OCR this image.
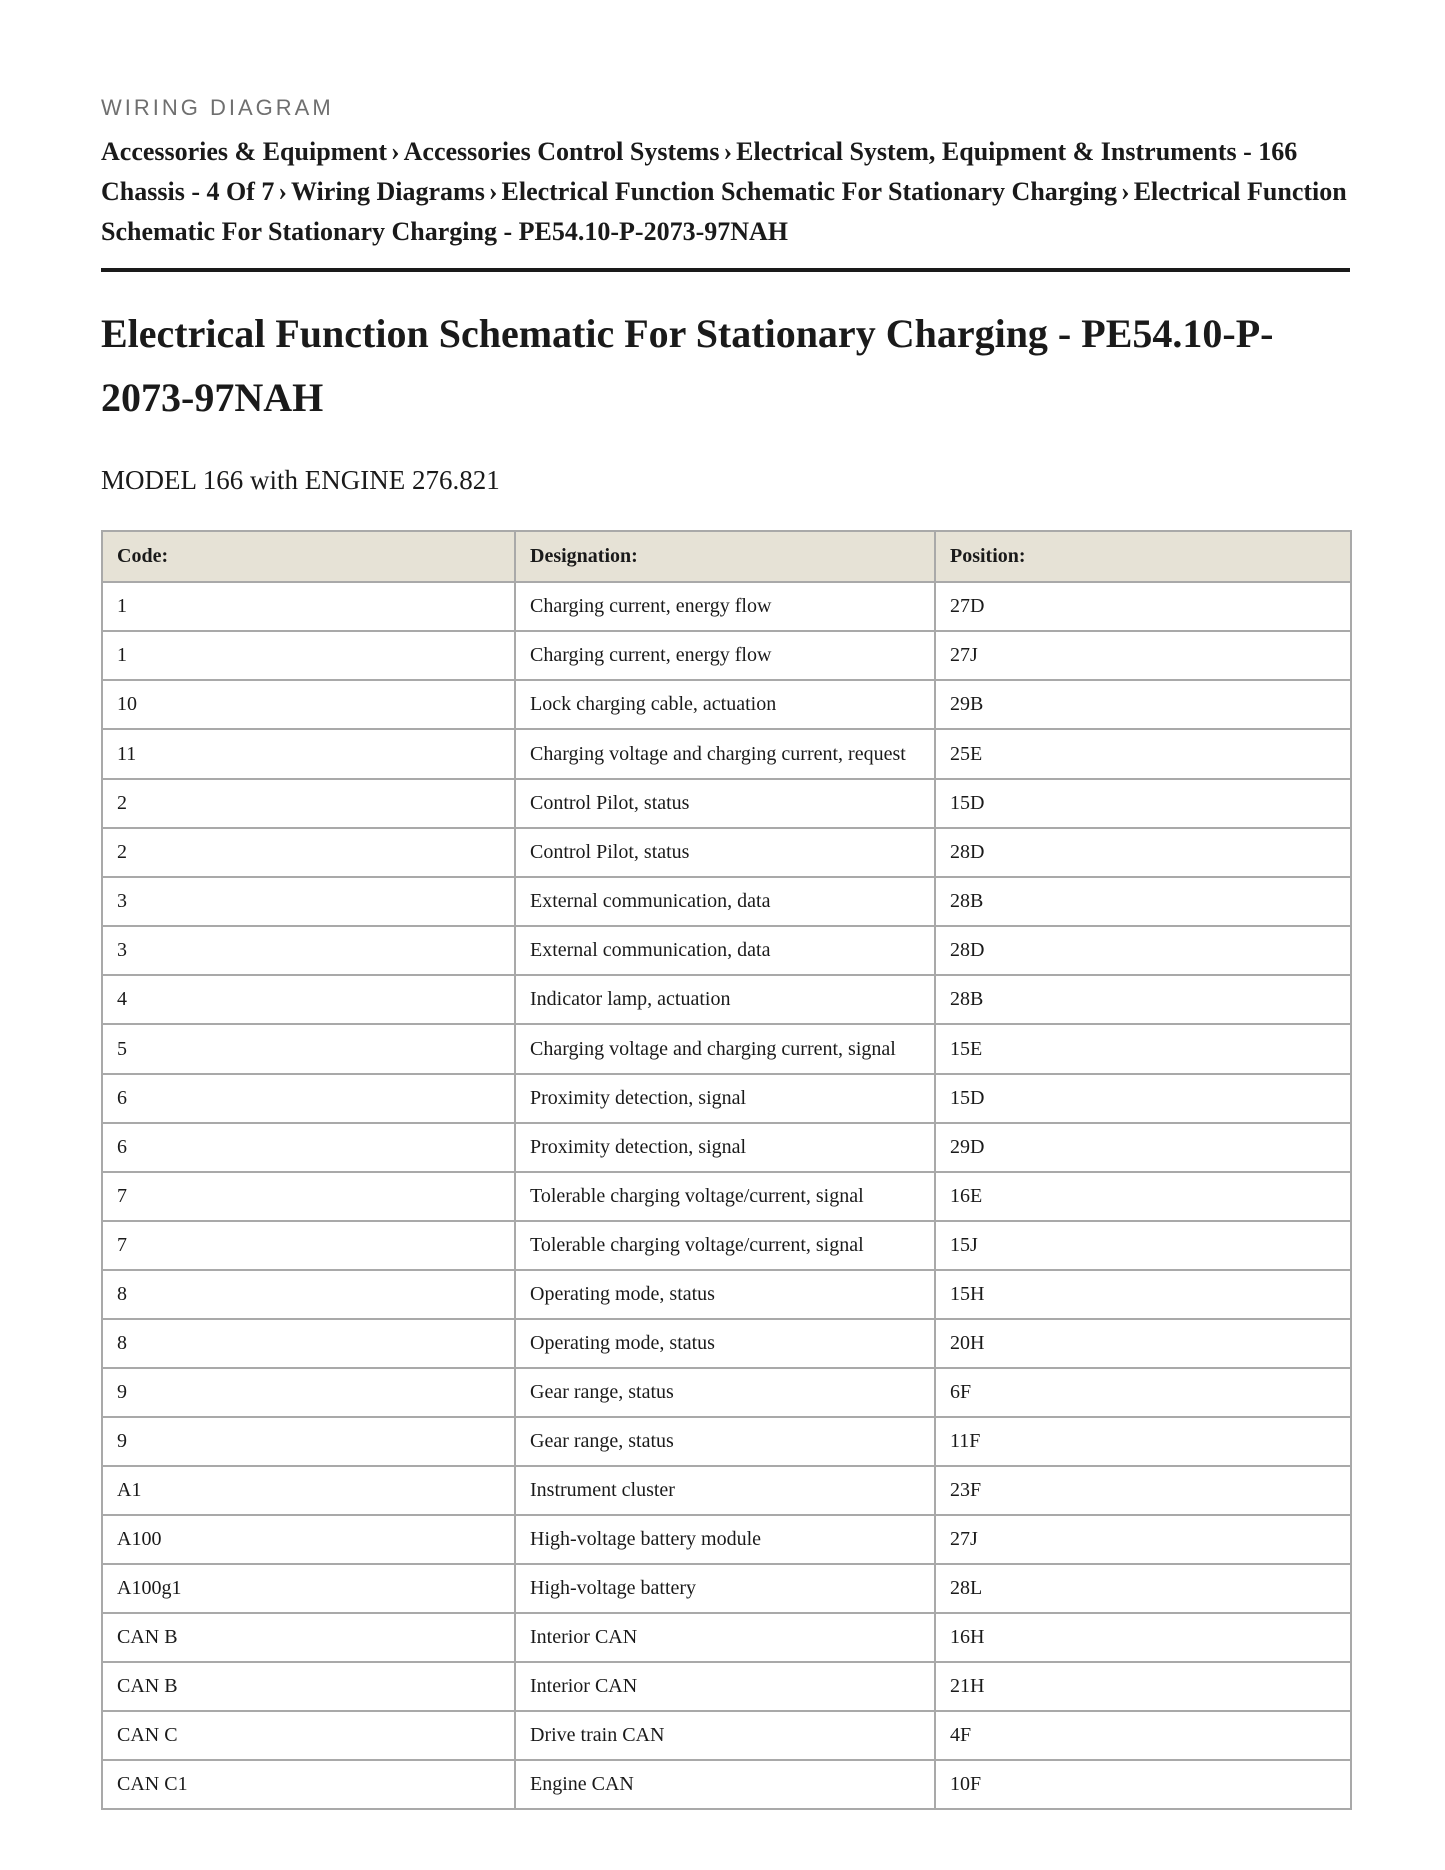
WIRING DIAGRAM
Accessories & Equipment › Accessories Control Systems › Electrical System, Equipment & Instruments - 166 Chassis - 4 Of 7 › Wiring Diagrams › Electrical Function Schematic For Stationary Charging › Electrical Function Schematic For Stationary Charging - PE54.10-P-2073-97NAH
Electrical Function Schematic For Stationary Charging - PE54.10-P-2073-97NAH
MODEL 166 with ENGINE 276.821
Code:	Designation:	Position:
1	Charging current, energy flow	27D
1	Charging current, energy flow	27J
10	Lock charging cable, actuation	29B
11	Charging voltage and charging current, request	25E
2	Control Pilot, status	15D
2	Control Pilot, status	28D
3	External communication, data	28B
3	External communication, data	28D
4	Indicator lamp, actuation	28B
5	Charging voltage and charging current, signal	15E
6	Proximity detection, signal	15D
6	Proximity detection, signal	29D
7	Tolerable charging voltage/current, signal	16E
7	Tolerable charging voltage/current, signal	15J
8	Operating mode, status	15H
8	Operating mode, status	20H
9	Gear range, status	6F
9	Gear range, status	11F
A1	Instrument cluster	23F
A100	High-voltage battery module	27J
A100g1	High-voltage battery	28L
CAN B	Interior CAN	16H
CAN B	Interior CAN	21H
CAN C	Drive train CAN	4F
CAN C1	Engine CAN	10F
